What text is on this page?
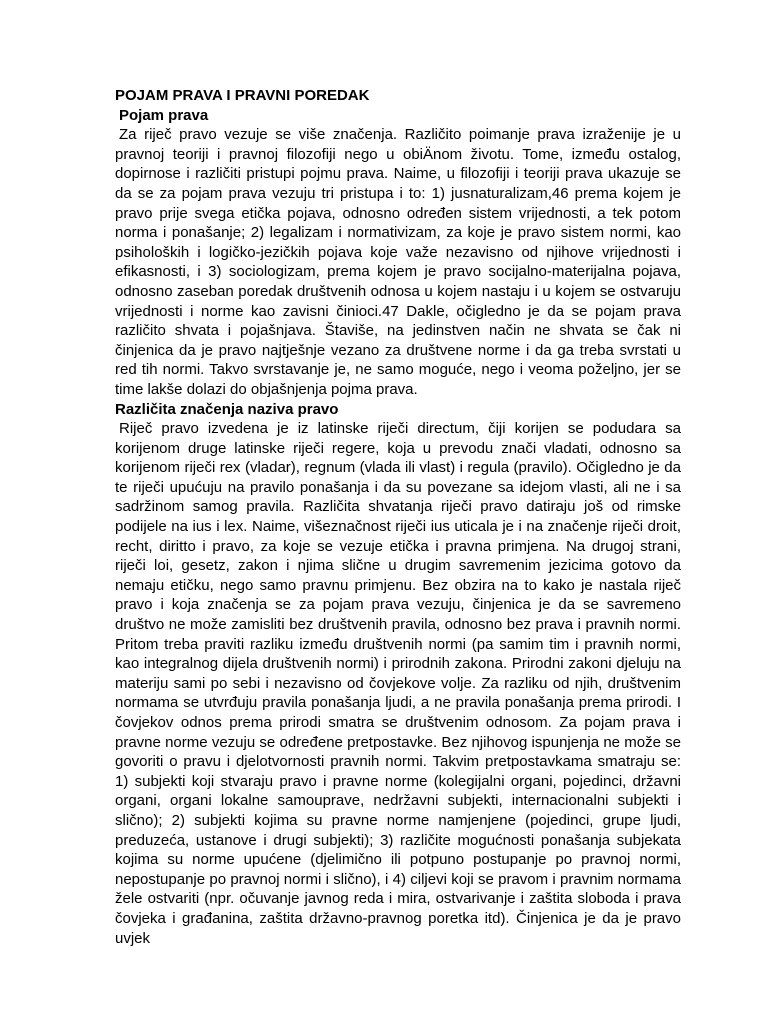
POJAM PRAVA I PRAVNI POREDAK
Pojam prava

Za riječ pravo vezuje se više značenja. Različito poimanje prava izraženije je u pravnoj teoriji i pravnoj filozofiji nego u obiÄnom životu. Tome, između ostalog, dopirnose i različiti pristupi pojmu prava. Naime, u filozofiji i teoriji prava ukazuje se da se za pojam prava vezuju tri pristupa i to: 1) jusnaturalizam,46 prema kojem je pravo prije svega etička pojava, odnosno određen sistem vrijednosti, a tek potom norma i ponašanje; 2) legalizam i normativizam, za koje je pravo sistem normi, kao psiholoških i logičko-jezičkih pojava koje važe nezavisno od njihove vrijednosti i efikasnosti, i 3) sociologizam, prema kojem je pravo socijalno-materijalna pojava, odnosno zaseban poredak društvenih odnosa u kojem nastaju i u kojem se ostvaruju vrijednosti i norme kao zavisni činioci.47 Dakle, očigledno je da se pojam prava različito shvata i pojašnjava. Štaviše, na jedinstven način ne shvata se čak ni činjenica da je pravo najtješnje vezano za društvene norme i da ga treba svrstati u red tih normi. Takvo svrstavanje je, ne samo moguće, nego i veoma poželjno, jer se time lakše dolazi do objašnjenja pojma prava.

Različita značenja naziva pravo

Riječ pravo izvedena je iz latinske riječi directum, čiji korijen se podudara sa korijenom druge latinske riječi regere, koja u prevodu znači vladati, odnosno sa korijenom riječi rex (vladar), regnum (vlada ili vlast) i regula (pravilo). Očigledno je da te riječi upućuju na pravilo ponašanja i da su povezane sa idejom vlasti, ali ne i sa sadržinom samog pravila. Različita shvatanja riječi pravo datiraju još od rimske podijele na ius i lex. Naime, višeznačnost riječi ius uticala je i na značenje riječi droit, recht, diritto i pravo, za koje se vezuje etička i pravna primjena. Na drugoj strani, riječi loi, gesetz, zakon i njima slične u drugim savremenim jezicima gotovo da nemaju etičku, nego samo pravnu primjenu. Bez obzira na to kako je nastala riječ pravo i koja značenja se za pojam prava vezuju, činjenica je da se savremeno društvo ne može zamisliti bez društvenih pravila, odnosno bez prava i pravnih normi. Pritom treba praviti razliku između društvenih normi (pa samim tim i pravnih normi, kao integralnog dijela društvenih normi) i prirodnih zakona. Prirodni zakoni djeluju na materiju sami po sebi i nezavisno od čovjekove volje. Za razliku od njih, društvenim normama se utvrđuju pravila ponašanja ljudi, a ne pravila ponašanja prema prirodi. I čovjekov odnos prema prirodi smatra se društvenim odnosom. Za pojam prava i pravne norme vezuju se određene pretpostavke. Bez njihovog ispunjenja ne može se govoriti o pravu i djelotvornosti pravnih normi. Takvim pretpostavkama smatraju se: 1) subjekti koji stvaraju pravo i pravne norme (kolegijalni organi, pojedinci, državni organi, organi lokalne samouprave, nedržavni subjekti, internacionalni subjekti i slično); 2) subjekti kojima su pravne norme namjenjene (pojedinci, grupe ljudi, preduzeća, ustanove i drugi subjekti); 3) različite mogućnosti ponašanja subjekata kojima su norme upućene (djelimično ili potpuno postupanje po pravnoj normi, nepostupanje po pravnoj normi i slično), i 4) ciljevi koji se pravom i pravnim normama žele ostvariti (npr. očuvanje javnog reda i mira, ostvarivanje i zaštita sloboda i prava čovjeka i građanina, zaštita državno-pravnog poretka itd). Činjenica je da je pravo uvjek
